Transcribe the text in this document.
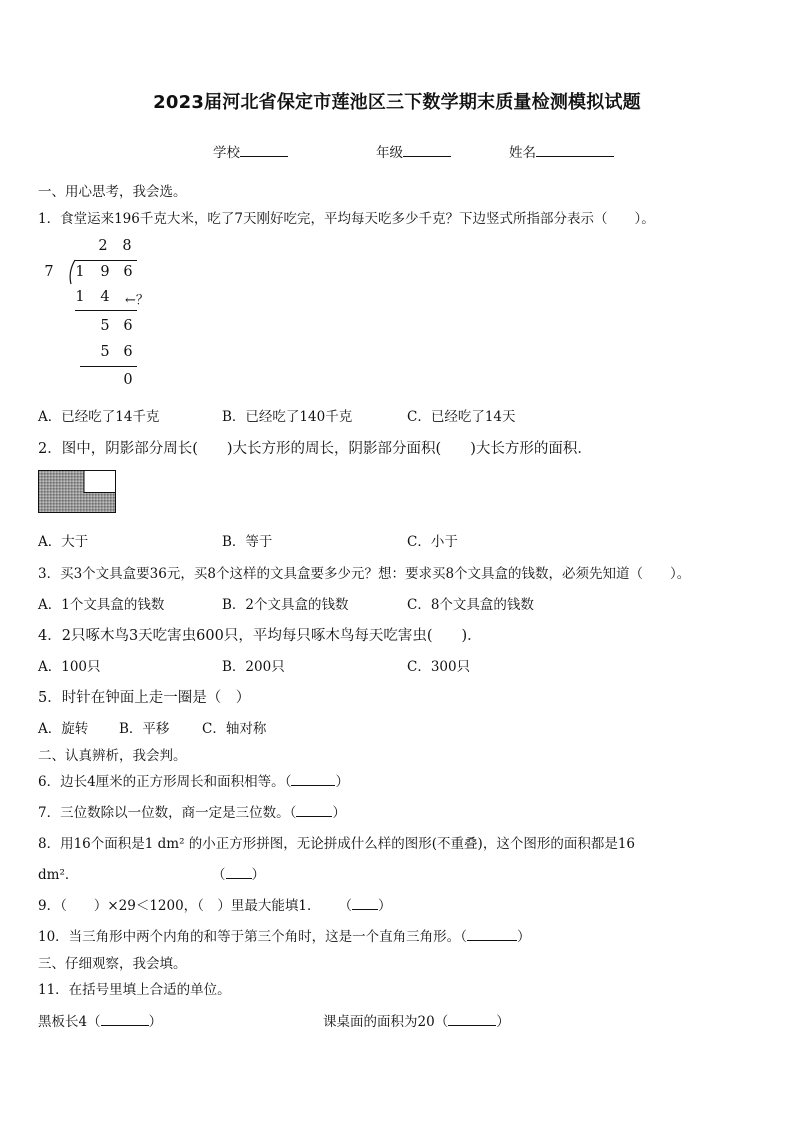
2023届河北省保定市莲池区三下数学期末质量检测模拟试题
学校	年级	姓名
一、用心思考，我会选。
1．食堂运来196千克大米，吃了7天刚好吃完，平均每天吃多少千克？下边竖式所指部分表示（　　）。
2 8
7 1 9 6
1 4 ←？
5 6
5 6
0
A．已经吃了14千克	B．已经吃了140千克	C．已经吃了14天
2．图中，阴影部分周长(　　)大长方形的周长，阴影部分面积(　　)大长方形的面积．
A．大于	B．等于	C．小于
3．买3个文具盒要36元，买8个这样的文具盒要多少元？想：要求买8个文具盒的钱数，必须先知道（　　）。
A．1个文具盒的钱数	B．2个文具盒的钱数	C．8个文具盒的钱数
4．2只啄木鸟3天吃害虫600只，平均每只啄木鸟每天吃害虫(　　)．
A．100只	B．200只	C．300只
5．时针在钟面上走一圈是（　）
A．旋转 B．平移 C．轴对称
二、认真辨析，我会判。
6．边长4厘米的正方形周长和面积相等。（	）
7．三位数除以一位数，商一定是三位数。（	）
8．用16个面积是1 dm² 的小正方形拼图，无论拼成什么样的图形(不重叠)，这个图形的面积都是16
dm²．	（ ）
9．（　　）×29＜1200，（　）里最大能填1． （ ）
10．当三角形中两个内角的和等于第三个角时，这是一个直角三角形。（	）
三、仔细观察，我会填。
11．在括号里填上合适的单位。
黑板长4（	）	课桌面的面积为20（	）
